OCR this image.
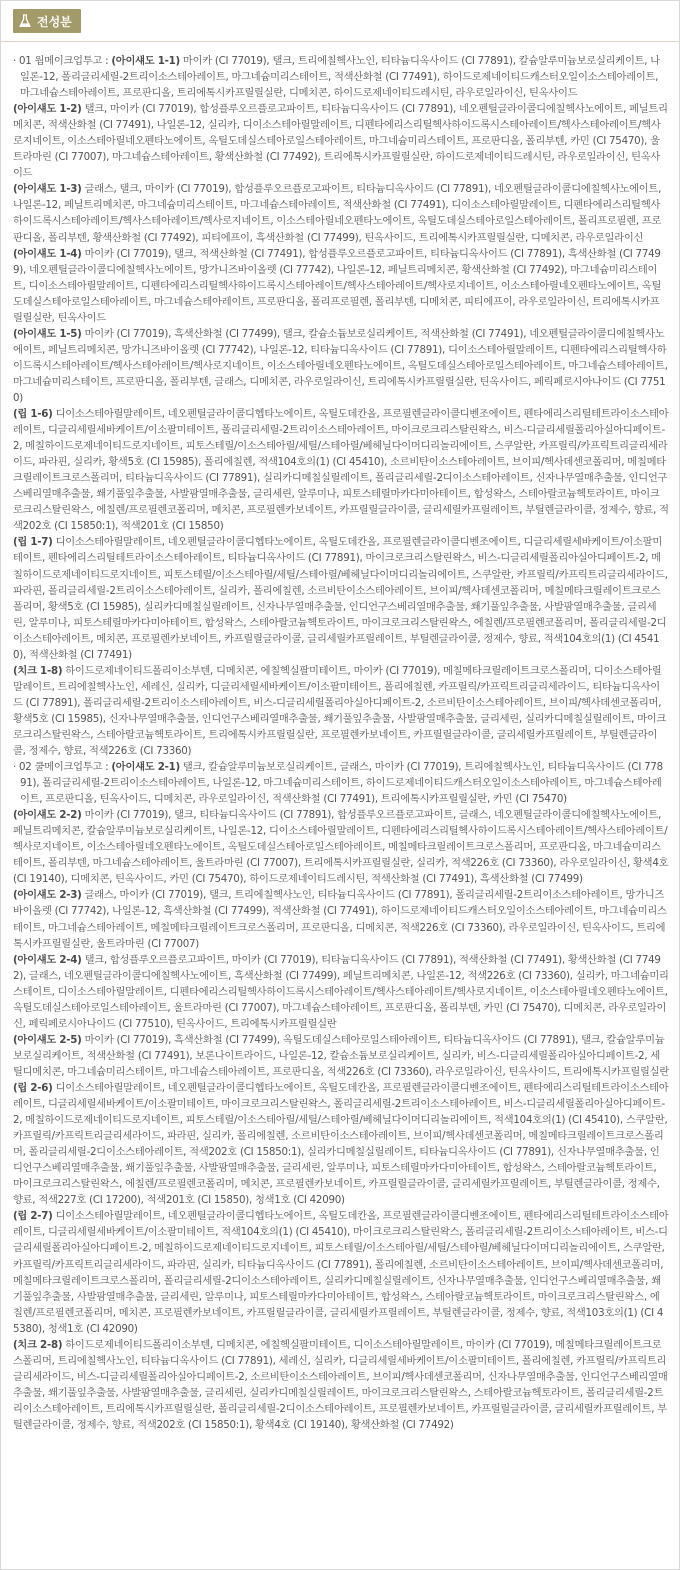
전성분
· 01 웜메이크업투고 : (아이섀도 1-1) 마이카 (CI 77019), 탤크, 트리에칠헥사노인, 티타늄디옥사이드 (CI 77891), 칼슘알루미늄보로실리케이트, 나일론-12, 폴리글리세릴-2트리이소스테아레이트, 마그네슘미리스테이트, 적색산화철 (CI 77491), 하이드로제네이티드캐스터오일이소스테아레이트, 마그네슘스테아레이트, 프로판디올, 트리에톡시카프릴릴실란, 디메치콘, 하이드로제네이티드레시틴, 라우로일라이신, 틴옥사이드
(아이섀도 1-2) 탤크, 마이카 (CI 77019), 합성플루오르플로고파이트, 티타늄디옥사이드 (CI 77891), 네오펜틸글라이콜디에칠헥사노에이트, 페닐트리메치콘, 적색산화철 (CI 77491), 나일론-12, 실리카, 디이소스테아릴말레이트, 디펜타에리스리틸헥사하이드록시스테아레이트/헥사스테아레이트/헥사로지네이트, 이소스테아릴네오펜타노에이트, 옥틸도데실스테아로일스테아레이트, 마그네슘미리스테이트, 프로판디올, 폴리부텐, 카민 (CI 75470), 울트라마린 (CI 77007), 마그네슘스테아레이트, 황색산화철 (CI 77492), 트리에톡시카프릴릴실란, 하이드로제네이티드레시틴, 라우로일라이신, 틴옥사이드
(아이섀도 1-3) 글래스, 탤크, 마이카 (CI 77019), 합성플루오르플로고파이트, 티타늄디옥사이드 (CI 77891), 네오펜틸글라이콜디에칠헥사노에이트, 나일론-12, 페닐트리메치콘, 마그네슘미리스테이트, 마그네슘스테아레이트, 적색산화철 (CI 77491), 디이소스테아릴말레이트, 디펜타에리스리틸헥사하이드록시스테아레이트/헥사스테아레이트/헥사로지네이트, 이소스테아릴네오펜타노에이트, 옥틸도데실스테아로일스테아레이트, 폴리프로필렌, 프로판디올, 폴리부텐, 황색산화철 (CI 77492), 피티에프이, 흑색산화철 (CI 77499), 틴옥사이드, 트리에톡시카프릴릴실란, 디메치콘, 라우로일라이신
(아이섀도 1-4) 마이카 (CI 77019), 탤크, 적색산화철 (CI 77491), 합성플루오르플로고파이트, 티타늄디옥사이드 (CI 77891), 흑색산화철 (CI 77499), 네오펜틸글라이콜디에칠헥사노에이트, 망가니즈바이올렛 (CI 77742), 나일론-12, 페닐트리메치콘, 황색산화철 (CI 77492), 마그네슘미리스테이트, 디이소스테아릴말레이트, 디펜타에리스리틸헥사하이드록시스테아레이트/헥사스테아레이트/헥사로지네이트, 이소스테아릴네오펜타노에이트, 옥틸도데실스테아로일스테아레이트, 마그네슘스테아레이트, 프로판디올, 폴리프로필렌, 폴리부텐, 디메치콘, 피티에프이, 라우로일라이신, 트리에톡시카프릴릴실란, 틴옥사이드
(아이섀도 1-5) 마이카 (CI 77019), 흑색산화철 (CI 77499), 탤크, 칼슘소듐보로실리케이트, 적색산화철 (CI 77491), 네오펜틸글라이콜디에칠헥사노에이트, 페닐트리메치콘, 망가니즈바이올렛 (CI 77742), 나일론-12, 티타늄디옥사이드 (CI 77891), 디이소스테아릴말레이트, 디펜타에리스리틸헥사하이드록시스테아레이트/헥사스테아레이트/헥사로지네이트, 이소스테아릴네오펜타노에이트, 옥틸도데실스테아로일스테아레이트, 마그네슘스테아레이트, 마그네슘미리스테이트, 프로판디올, 폴리부텐, 글래스, 디메치콘, 라우로일라이신, 트리에톡시카프릴릴실란, 틴옥사이드, 페릭페로시아나이드 (CI 77510)
(립 1-6) 디이소스테아릴말레이트, 네오펜틸글라이콜디헵타노에이트, 옥틸도데칸올, 프로필렌글라이콜디벤조에이트, 펜타에리스리틸테트라이소스테아레이트, 디글리세릴세바케이트/이소팔미테이트, 폴리글리세릴-2트리이소스테아레이트, 마이크로크리스탈린왁스, 비스-디글리세릴폴리아실아디페이트-2, 메칠하이드로제네이티드로지네이트, 피토스테릴/이소스테아릴/세틸/스테아릴/베헤닐다이머디리놀리에이트, 스쿠알란, 카프릴릭/카프릭트리글리세라이드, 파라핀, 실리카, 황색5호 (CI 15985), 폴리에칠렌, 적색104호의(1) (CI 45410), 소르비탄이소스테아레이트, 브이피/헥사데센코폴리머, 메칠메타크릴레이트크로스폴리머, 티타늄디옥사이드 (CI 77891), 실리카디메칠실릴레이트, 폴리글리세릴-2디이소스테아레이트, 신자나무열매추출물, 인디언구스베리열매추출물, 쐐기풀잎추출물, 사발팜열매추출물, 글리세린, 알루미나, 피토스테릴마카다미아테이트, 합성왁스, 스테아랄코늄헥토라이트, 마이크로크리스탈린왁스, 에칠렌/프로필렌코폴리머, 메치콘, 프로필렌카보네이트, 카프릴릴글라이콜, 글리세릴카프릴레이트, 부틸렌글라이콜, 정제수, 향료, 적색202호 (CI 15850:1), 적색201호 (CI 15850)
(립 1-7) 디이소스테아릴말레이트, 네오펜틸글라이콜디헵타노에이트, 옥틸도데칸올, 프로필렌글라이콜디벤조에이트, 디글리세릴세바케이트/이소팔미테이트, 펜타에리스리틸테트라이소스테아레이트, 티타늄디옥사이드 (CI 77891), 마이크로크리스탈린왁스, 비스-디글리세릴폴리아실아디페이트-2, 메칠하이드로제네이티드로지네이트, 피토스테릴/이소스테아릴/세틸/스테아릴/베헤닐다이머디리놀리에이트, 스쿠알란, 카프릴릭/카프릭트리글리세라이드, 파라핀, 폴리글리세릴-2트리이소스테아레이트, 실리카, 폴리에칠렌, 소르비탄이소스테아레이트, 브이피/헥사데센코폴리머, 메칠메타크릴레이트크로스폴리머, 황색5호 (CI 15985), 실리카디메칠실릴레이트, 신자나무열매추출물, 인디언구스베리열매추출물, 쐐기풀잎추출물, 사발팜열매추출물, 글리세린, 알루미나, 피토스테릴마카다미아테이트, 합성왁스, 스테아랄코늄헥토라이트, 마이크로크리스탈린왁스, 에칠렌/프로필렌코폴리머, 폴리글리세릴-2디이소스테아레이트, 메치콘, 프로필렌카보네이트, 카프릴릴글라이콜, 글리세릴카프릴레이트, 부틸렌글라이콜, 정제수, 향료, 적색104호의(1) (CI 45410), 적색산화철 (CI 77491)
(치크 1-8) 하이드로제네이티드폴리이소부텐, 디메치콘, 에칠헥실팔미테이트, 마이카 (CI 77019), 메칠메타크릴레이트크로스폴리머, 디이소스테아릴말레이트, 트리에칠헥사노인, 세레신, 실리카, 디글리세릴세바케이트/이소팔미테이트, 폴리에칠렌, 카프릴릭/카프릭트리글리세라이드, 티타늄디옥사이드 (CI 77891), 폴리글리세릴-2트리이소스테아레이트, 비스-디글리세릴폴리아실아디페이트-2, 소르비탄이소스테아레이트, 브이피/헥사데센코폴리머, 황색5호 (CI 15985), 신자나무열매추출물, 인디언구스베리열매추출물, 쐐기풀잎추출물, 사발팜열매추출물, 글리세린, 실리카디메칠실릴레이트, 마이크로크리스탈린왁스, 스테아랄코늄헥토라이트, 트리에톡시카프릴릴실란, 프로필렌카보네이트, 카프릴릴글라이콜, 글리세릴카프릴레이트, 부틸렌글라이콜, 정제수, 향료, 적색226호 (CI 73360)
· 02 쿨메이크업투고 : (아이섀도 2-1) 탤크, 칼슘알루미늄보로실리케이트, 글래스, 마이카 (CI 77019), 트리에칠헥사노인, 티타늄디옥사이드 (CI 77891), 폴리글리세릴-2트리이소스테아레이트, 나일론-12, 마그네슘미리스테이트, 하이드로제네이티드캐스터오일이소스테아레이트, 마그네슘스테아레이트, 프로판디올, 틴옥사이드, 디메치콘, 라우로일라이신, 적색산화철 (CI 77491), 트리에톡시카프릴릴실란, 카민 (CI 75470)
(아이섀도 2-2) 마이카 (CI 77019), 탤크, 티타늄디옥사이드 (CI 77891), 합성플루오르플로고파이트, 글래스, 네오펜틸글라이콜디에칠헥사노에이트, 페닐트리메치콘, 칼슘알루미늄보로실리케이트, 나일론-12, 디이소스테아릴말레이트, 디펜타에리스리틸헥사하이드록시스테아레이트/헥사스테아레이트/헥사로지네이트, 이소스테아릴네오펜타노에이트, 옥틸도데실스테아로일스테아레이트, 메칠메타크릴레이트크로스폴리머, 프로판디올, 마그네슘미리스테이트, 폴리부텐, 마그네슘스테아레이트, 울트라마린 (CI 77007), 트리에톡시카프릴릴실란, 실리카, 적색226호 (CI 73360), 라우로일라이신, 황색4호 (CI 19140), 디메치콘, 틴옥사이드, 카민 (CI 75470), 하이드로제네이티드레시틴, 적색산화철 (CI 77491), 흑색산화철 (CI 77499)
(아이섀도 2-3) 글래스, 마이카 (CI 77019), 탤크, 트리에칠헥사노인, 티타늄디옥사이드 (CI 77891), 폴리글리세릴-2트리이소스테아레이트, 망가니즈바이올렛 (CI 77742), 나일론-12, 흑색산화철 (CI 77499), 적색산화철 (CI 77491), 하이드로제네이티드캐스터오일이소스테아레이트, 마그네슘미리스테이트, 마그네슘스테아레이트, 메칠메타크릴레이트크로스폴리머, 프로판디올, 디메치콘, 적색226호 (CI 73360), 라우로일라이신, 틴옥사이드, 트리에톡시카프릴릴실란, 울트라마린 (CI 77007)
(아이섀도 2-4) 탤크, 합성플루오르플로고파이트, 마이카 (CI 77019), 티타늄디옥사이드 (CI 77891), 적색산화철 (CI 77491), 황색산화철 (CI 77492), 글래스, 네오펜틸글라이콜디에칠헥사노에이트, 흑색산화철 (CI 77499), 페닐트리메치콘, 나일론-12, 적색226호 (CI 73360), 실리카, 마그네슘미리스테이트, 디이소스테아릴말레이트, 디펜타에리스리틸헥사하이드록시스테아레이트/헥사스테아레이트/헥사로지네이트, 이소스테아릴네오펜타노에이트, 옥틸도데실스테아로일스테아레이트, 울트라마린 (CI 77007), 마그네슘스테아레이트, 프로판디올, 폴리부텐, 카민 (CI 75470), 디메치콘, 라우로일라이신, 페릭페로시아나이드 (CI 77510), 틴옥사이드, 트리에톡시카프릴릴실란
(아이섀도 2-5) 마이카 (CI 77019), 흑색산화철 (CI 77499), 옥틸도데실스테아로일스테아레이트, 티타늄디옥사이드 (CI 77891), 탤크, 칼슘알루미늄보로실리케이트, 적색산화철 (CI 77491), 보론나이트라이드, 나일론-12, 칼슘소듐보로실리케이트, 실리카, 비스-디글리세릴폴리아실아디페이트-2, 세틸디메치콘, 마그네슘미리스테이트, 마그네슘스테아레이트, 프로판디올, 적색226호 (CI 73360), 라우로일라이신, 틴옥사이드, 트리에톡시카프릴릴실란
(립 2-6) 디이소스테아릴말레이트, 네오펜틸글라이콜디헵타노에이트, 옥틸도데칸올, 프로필렌글라이콜디벤조에이트, 펜타에리스리틸테트라이소스테아레이트, 디글리세릴세바케이트/이소팔미테이트, 마이크로크리스탈린왁스, 폴리글리세릴-2트리이소스테아레이트, 비스-디글리세릴폴리아실아디페이트-2, 메칠하이드로제네이티드로지네이트, 피토스테릴/이소스테아릴/세틸/스테아릴/베헤닐다이머디리놀리에이트, 적색104호의(1) (CI 45410), 스쿠알란, 카프릴릭/카프릭트리글리세라이드, 파라핀, 실리카, 폴리에칠렌, 소르비탄이소스테아레이트, 브이피/헥사데센코폴리머, 메칠메타크릴레이트크로스폴리머, 폴리글리세릴-2디이소스테아레이트, 적색202호 (CI 15850:1), 실리카디메칠실릴레이트, 티타늄디옥사이드 (CI 77891), 신자나무열매추출물, 인디언구스베리열매추출물, 쐐기풀잎추출물, 사발팜열매추출물, 글리세린, 알루미나, 피토스테릴마카다미아테이트, 합성왁스, 스테아랄코늄헥토라이트, 마이크로크리스탈린왁스, 에칠렌/프로필렌코폴리머, 메치콘, 프로필렌카보네이트, 카프릴릴글라이콜, 글리세릴카프릴레이트, 부틸렌글라이콜, 정제수, 향료, 적색227호 (CI 17200), 적색201호 (CI 15850), 청색1호 (CI 42090)
(립 2-7) 디이소스테아릴말레이트, 네오펜틸글라이콜디헵타노에이트, 옥틸도데칸올, 프로필렌글라이콜디벤조에이트, 펜타에리스리틸테트라이소스테아레이트, 디글리세릴세바케이트/이소팔미테이트, 적색104호의(1) (CI 45410), 마이크로크리스탈린왁스, 폴리글리세릴-2트리이소스테아레이트, 비스-디글리세릴폴리아실아디페이트-2, 메칠하이드로제네이티드로지네이트, 피토스테릴/이소스테아릴/세틸/스테아릴/베헤닐다이머디리놀리에이트, 스쿠알란, 카프릴릭/카프릭트리글리세라이드, 파라핀, 실리카, 티타늄디옥사이드 (CI 77891), 폴리에칠렌, 소르비탄이소스테아레이트, 브이피/헥사데센코폴리머, 메칠메타크릴레이트크로스폴리머, 폴리글리세릴-2디이소스테아레이트, 실리카디메칠실릴레이트, 신자나무열매추출물, 인디언구스베리열매추출물, 쐐기풀잎추출물, 사발팜열매추출물, 글리세린, 알루미나, 피토스테릴마카다미아테이트, 합성왁스, 스테아랄코늄헥토라이트, 마이크로크리스탈린왁스, 에칠렌/프로필렌코폴리머, 메치콘, 프로필렌카보네이트, 카프릴릴글라이콜, 글리세릴카프릴레이트, 부틸렌글라이콜, 정제수, 향료, 적색103호의(1) (CI 45380), 청색1호 (CI 42090)
(치크 2-8) 하이드로제네이티드폴리이소부텐, 디메치콘, 에칠헥실팔미테이트, 디이소스테아릴말레이트, 마이카 (CI 77019), 메칠메타크릴레이트크로스폴리머, 트리에칠헥사노인, 티타늄디옥사이드 (CI 77891), 세레신, 실리카, 디글리세릴세바케이트/이소팔미테이트, 폴리에칠렌, 카프릴릭/카프릭트리글리세라이드, 비스-디글리세릴폴리아실아디페이트-2, 소르비탄이소스테아레이트, 브이피/헥사데센코폴리머, 신자나무열매추출물, 인디언구스베리열매추출물, 쐐기풀잎추출물, 사발팜열매추출물, 글리세린, 실리카디메칠실릴레이트, 마이크로크리스탈린왁스, 스테아랄코늄헥토라이트, 폴리글리세릴-2트리이소스테아레이트, 트리에톡시카프릴릴실란, 폴리글리세릴-2디이소스테아레이트, 프로필렌카보네이트, 카프릴릴글라이콜, 글리세릴카프릴레이트, 부틸렌글라이콜, 정제수, 향료, 적색202호 (CI 15850:1), 황색4호 (CI 19140), 황색산화철 (CI 77492)
